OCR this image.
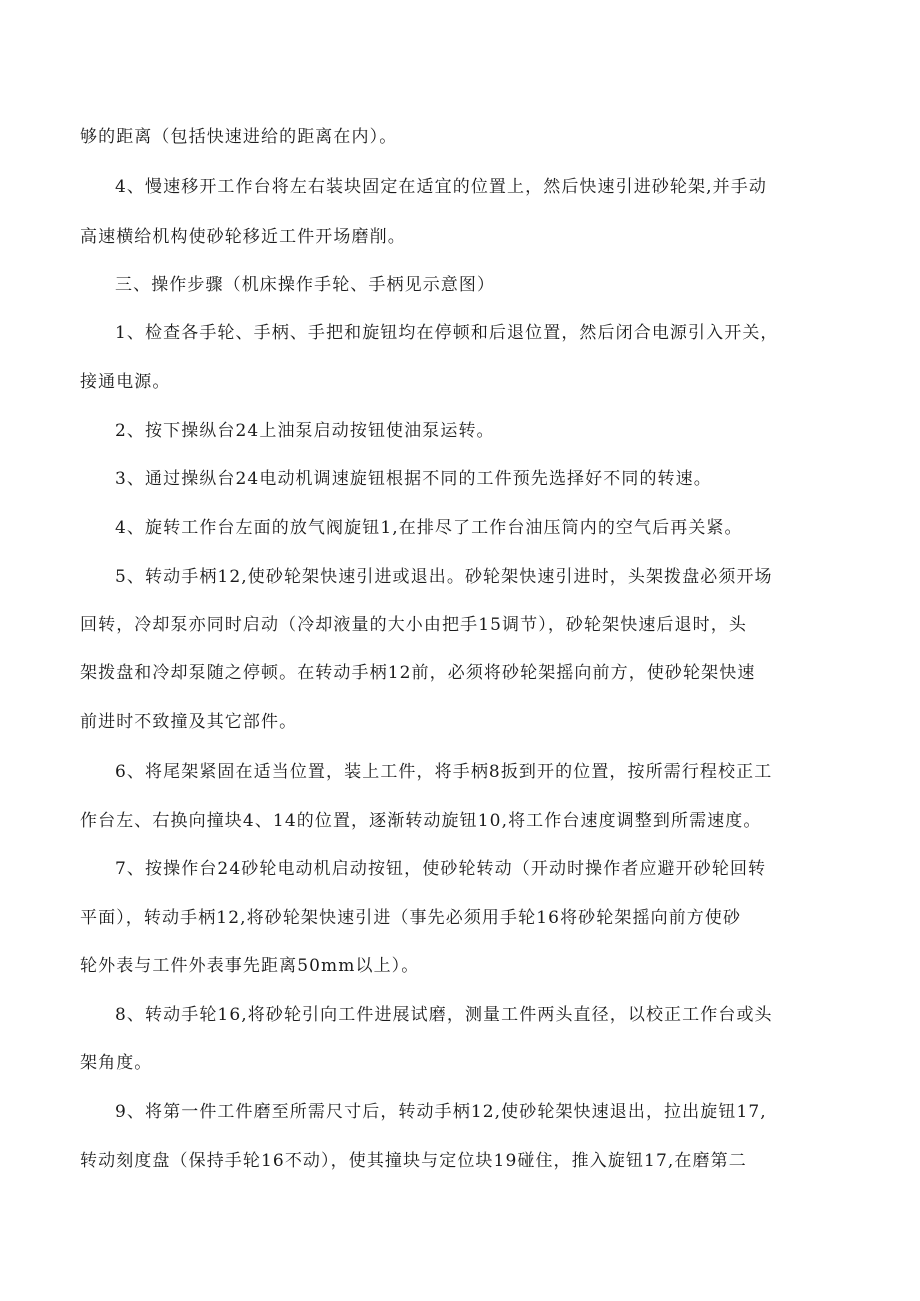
够的距离（包括快速进给的距离在内）。
4、慢速移开工作台将左右装块固定在适宜的位置上，然后快速引进砂轮架,并手动
高速横给机构使砂轮移近工件开场磨削。
三、操作步骤（机床操作手轮、手柄见示意图）
1、检查各手轮、手柄、手把和旋钮均在停顿和后退位置，然后闭合电源引入开关，
接通电源。
2、按下操纵台24上油泵启动按钮使油泵运转。
3、通过操纵台24电动机调速旋钮根据不同的工件预先选择好不同的转速。
4、旋转工作台左面的放气阀旋钮1,在排尽了工作台油压筒内的空气后再关紧。
5、转动手柄12,使砂轮架快速引进或退出。砂轮架快速引进时，头架拨盘必须开场
回转，冷却泵亦同时启动（冷却液量的大小由把手15调节），砂轮架快速后退时，头
架拨盘和冷却泵随之停顿。在转动手柄12前，必须将砂轮架摇向前方，使砂轮架快速
前进时不致撞及其它部件。
6、将尾架紧固在适当位置，装上工件，将手柄8扳到开的位置，按所需行程校正工
作台左、右换向撞块4、14的位置，逐渐转动旋钮10,将工作台速度调整到所需速度。
7、按操作台24砂轮电动机启动按钮，使砂轮转动（开动时操作者应避开砂轮回转
平面），转动手柄12,将砂轮架快速引进（事先必须用手轮16将砂轮架摇向前方使砂
轮外表与工件外表事先距离50mm以上）。
8、转动手轮16,将砂轮引向工件进展试磨，测量工件两头直径，以校正工作台或头
架角度。
9、将第一件工件磨至所需尺寸后，转动手柄12,使砂轮架快速退出，拉出旋钮17,
转动刻度盘（保持手轮16不动），使其撞块与定位块19碰住，推入旋钮17,在磨第二
